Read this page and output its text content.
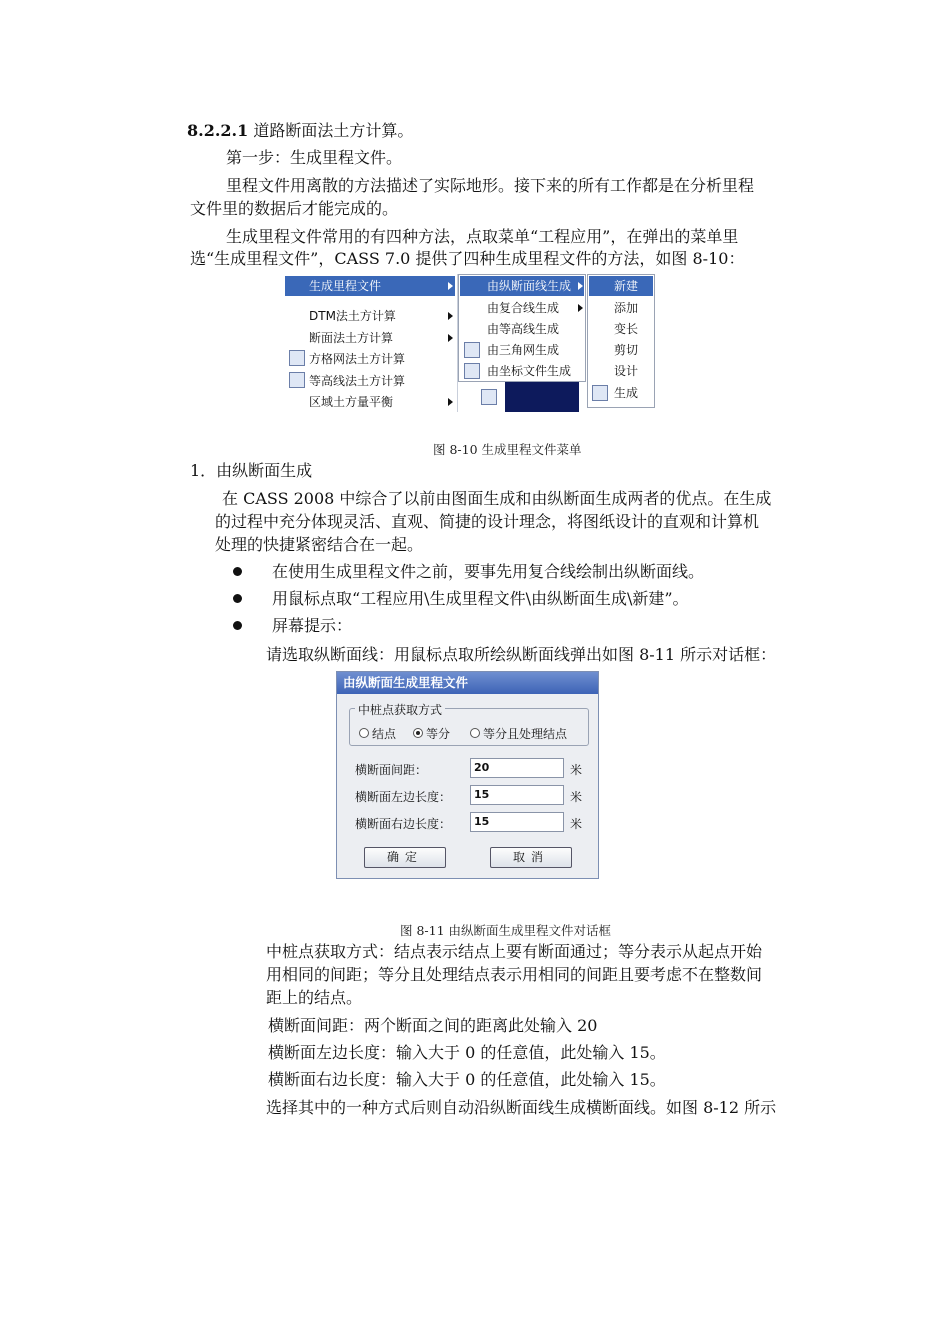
8.2.2.1 道路断面法土方计算。
第一步：生成里程文件。
里程文件用离散的方法描述了实际地形。接下来的所有工作都是在分析里程
文件里的数据后才能完成的。
生成里程文件常用的有四种方法，点取菜单“工程应用”，在弹出的菜单里
选“生成里程文件”，CASS 7.0 提供了四种生成里程文件的方法，如图 8-10：
生成里程文件
DTM法土方计算
断面法土方计算
方格网法土方计算
等高线法土方计算
区域土方量平衡
由纵断面线生成
由复合线生成
由等高线生成
由三角网生成
由坐标文件生成
新建
添加
变长
剪切
设计
生成
图 8-10 生成里程文件菜单
1．由纵断面生成
在 CASS 2008 中综合了以前由图面生成和由纵断面生成两者的优点。在生成
的过程中充分体现灵活、直观、简捷的设计理念，将图纸设计的直观和计算机
处理的快捷紧密结合在一起。
在使用生成里程文件之前，要事先用复合线绘制出纵断面线。
用鼠标点取“工程应用\生成里程文件\由纵断面生成\新建”。
屏幕提示：
请选取纵断面线：用鼠标点取所绘纵断面线弹出如图 8-11 所示对话框：
由纵断面生成里程文件
中桩点获取方式
结点 等分	等分且处理结点
横断面间距：	20	米
横断面左边长度：	15	米
横断面右边长度：	15	米
确定	取消
图 8-11 由纵断面生成里程文件对话框
中桩点获取方式：结点表示结点上要有断面通过；等分表示从起点开始
用相同的间距；等分且处理结点表示用相同的间距且要考虑不在整数间
距上的结点。
横断面间距：两个断面之间的距离此处输入 20
横断面左边长度：输入大于 0 的任意值，此处输入 15。
横断面右边长度：输入大于 0 的任意值，此处输入 15。
选择其中的一种方式后则自动沿纵断面线生成横断面线。如图 8-12 所示
